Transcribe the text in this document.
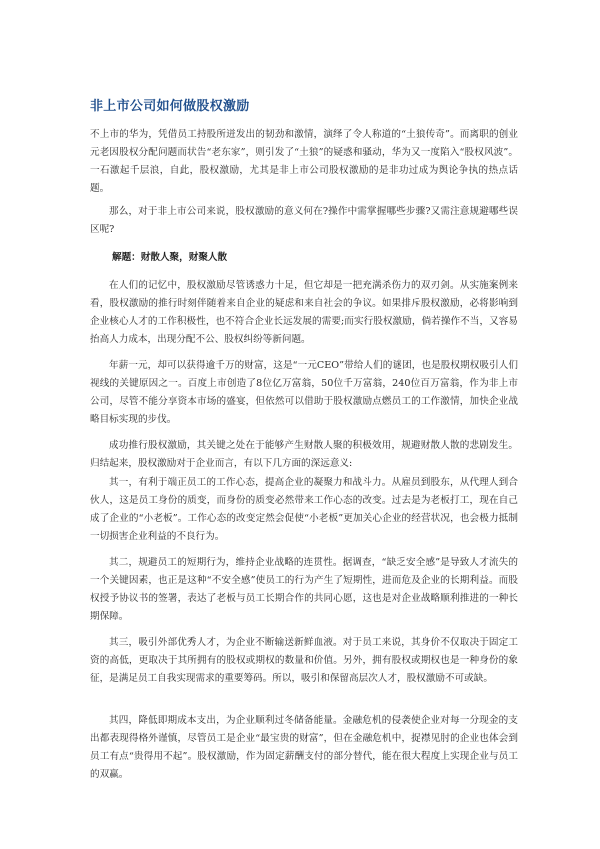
非上市公司如何做股权激励

不上市的华为，凭借员工持股所迸发出的韧劲和激情，演绎了令人称道的“土狼传奇”。而离职的创业元老因股权分配问题而状告“老东家”，则引发了“土狼”的疑惑和骚动，华为又一度陷入“股权风波”。一石激起千层浪，自此，股权激励，尤其是非上市公司股权激励的是非功过成为舆论争执的热点话题。

那么，对于非上市公司来说，股权激励的意义何在?操作中需掌握哪些步骤?又需注意规避哪些误区呢?

解题：财散人聚，财聚人散

在人们的记忆中，股权激励尽管诱惑力十足，但它却是一把充满杀伤力的双刃剑。从实施案例来看，股权激励的推行时刻伴随着来自企业的疑虑和来自社会的争议。如果排斥股权激励，必将影响到企业核心人才的工作积极性，也不符合企业长远发展的需要;而实行股权激励，倘若操作不当，又容易抬高人力成本，出现分配不公、股权纠纷等新问题。

年薪一元，却可以获得逾千万的财富，这是“一元CEO”带给人们的谜团，也是股权期权吸引人们视线的关键原因之一。百度上市创造了8位亿万富翁，50位千万富翁，240位百万富翁，作为非上市公司，尽管不能分享资本市场的盛宴，但依然可以借助于股权激励点燃员工的工作激情，加快企业战略目标实现的步伐。

成功推行股权激励，其关键之处在于能够产生财散人聚的积极效用，规避财散人散的悲剧发生。归结起来，股权激励对于企业而言，有以下几方面的深远意义:

其一，有利于端正员工的工作心态，提高企业的凝聚力和战斗力。从雇员到股东，从代理人到合伙人，这是员工身份的质变，而身份的质变必然带来工作心态的改变。过去是为老板打工，现在自己成了企业的“小老板”。工作心态的改变定然会促使“小老板”更加关心企业的经营状况，也会极力抵制一切损害企业利益的不良行为。

其二，规避员工的短期行为，维持企业战略的连贯性。据调查，“缺乏安全感”是导致人才流失的一个关键因素，也正是这种“不安全感”使员工的行为产生了短期性，进而危及企业的长期利益。而股权授予协议书的签署，表达了老板与员工长期合作的共同心愿，这也是对企业战略顺利推进的一种长期保障。

其三，吸引外部优秀人才，为企业不断输送新鲜血液。对于员工来说，其身价不仅取决于固定工资的高低，更取决于其所拥有的股权或期权的数量和价值。另外，拥有股权或期权也是一种身份的象征，是满足员工自我实现需求的重要筹码。所以，吸引和保留高层次人才，股权激励不可或缺。

其四，降低即期成本支出，为企业顺利过冬储备能量。金融危机的侵袭使企业对每一分现金的支出都表现得格外谨慎，尽管员工是企业“最宝贵的财富”，但在金融危机中，捉襟见肘的企业也体会到员工有点“贵得用不起”。股权激励，作为固定薪酬支付的部分替代，能在很大程度上实现企业与员工的双赢。
